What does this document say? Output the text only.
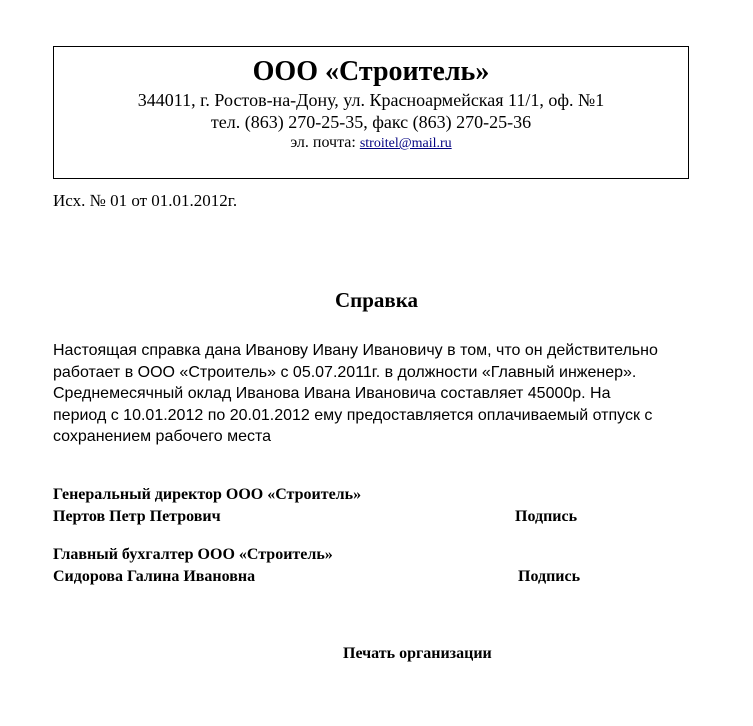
ООО «Строитель»
344011, г. Ростов-на-Дону, ул. Красноармейская 11/1, оф. №1
тел. (863) 270-25-35, факс (863) 270-25-36
эл. почта: stroitel@mail.ru
Исх. № 01 от 01.01.2012г.
Справка
Настоящая справка дана Иванову Ивану Ивановичу в том, что он действительно
работает в ООО «Строитель» с 05.07.2011г. в должности «Главный инженер».
Среднемесячный оклад Иванова Ивана Ивановича составляет 45000р. На
период с 10.01.2012 по 20.01.2012 ему предоставляется оплачиваемый отпуск с
сохранением рабочего места
Генеральный директор ООО «Строитель»
Пертов Петр Петрович	Подпись
Главный бухгалтер ООО «Строитель»
Сидорова Галина Ивановна	Подпись
Печать организации
